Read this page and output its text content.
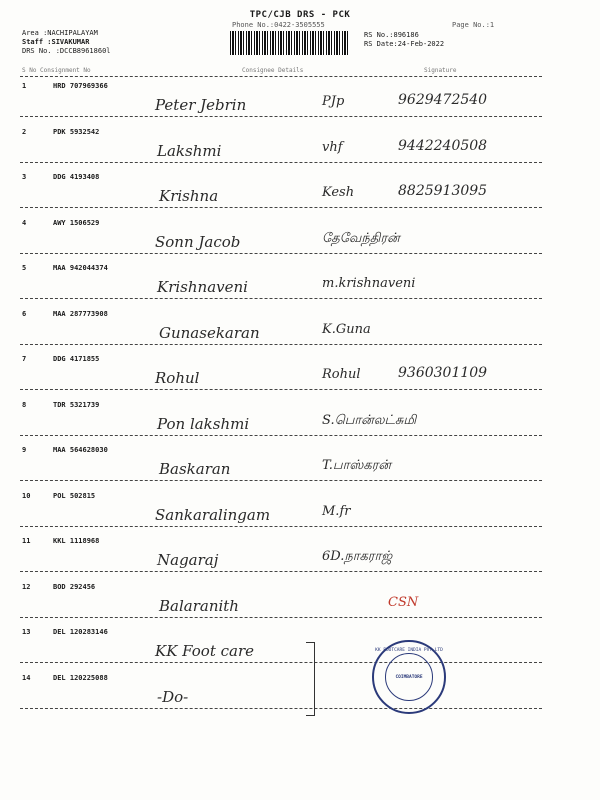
TPC/CJB DRS - PCK
Phone No.:0422-3505555	Page No.:1
Area :NACHIPALAYAM
Staff :SIVAKUMAR
DRS No. :DCCB8961860l
RS No.:896186
RS Date:24-Feb-2022
S No Consignment No	Consignee Details	Signature
1	HRD 707969366
Peter Jebrin	PJp	9629472540
2	PDK 5932542
Lakshmi	vhf	9442240508
3	DDG 4193408
Krishna	Kesh	8825913095
4	AWY 1506529
Sonn Jacob	தேவேந்திரன்
5	MAA 942044374
Krishnaveni	m.krishnaveni
6	MAA 287773908
Gunasekaran	K.Guna
7	DDG 4171855
Rohul	Rohul	9360301109
8	TDR 5321739
Pon lakshmi	S.பொன்லட்சுமி
9	MAA 564628030
Baskaran	T.பாஸ்கரன்
10	POL 502815
Sankaralingam	M.fr
11	KKL 1118968
Nagaraj	6D.நாகராஜ்
12	BOD 292456
Balaranith	CSN
13	DEL 120283146
KK Foot care
14	DEL 120225088
-Do-
KK FOOTCARE INDIA PVT LTD
COIMBATORE
